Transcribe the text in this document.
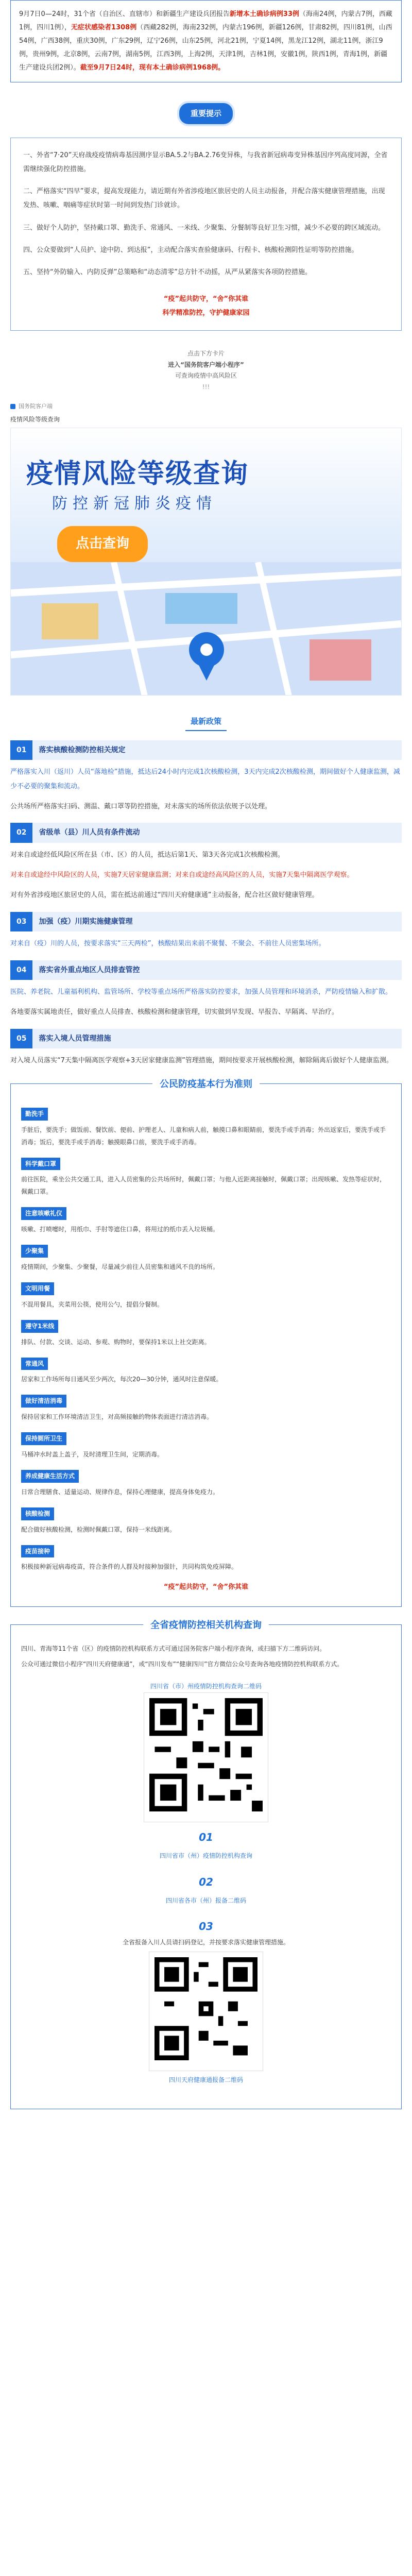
9月7日0—24时，31个省（自治区、直辖市）和新疆生产建设兵团报告新增本土确诊病例33例（海南24例，内蒙古7例，西藏1例，四川1例），无症状感染者1308例（西藏282例，海南232例，内蒙古196例，新疆126例，甘肃82例，四川81例，山西54例，广西38例，重庆30例，广东29例，辽宁26例，山东25例，河北21例，宁夏14例，黑龙江12例，湖北11例，浙江9例，贵州9例，北京8例，云南7例，湖南5例，江西3例，上海2例，天津1例，吉林1例，安徽1例，陕西1例，青海1例，新疆生产建设兵团2例）。截至9月7日24时，现有本土确诊病例1968例。
重要提示

一、外省“7·20”天府战疫疫情病毒基因测序显示BA.5.2与BA.2.76变异株，与我省新冠病毒变异株基因序列高度同源，全省需继续强化防控措施。

二、严格落实“四早”要求，提高发现能力，请近期有外省涉疫地区旅居史的人员主动报备，并配合落实健康管理措施，出现发热、咳嗽、咽痛等症状时第一时间到发热门诊就诊。

三、做好个人防护，坚持戴口罩、勤洗手、常通风、一米线、少聚集、分餐制等良好卫生习惯，减少不必要的跨区域流动。

四、公众要做到“人员护、途中防、到达报”，主动配合落实查验健康码、行程卡、核酸检测阴性证明等防控措施。

五、坚持“外防输入、内防反弹”总策略和“动态清零”总方针不动摇，从严从紧落实各项防控措施。

“疫”起共防守，“舍”你其谁
科学精准防控，守护健康家园
点击下方卡片
进入“国务院客户端小程序”
可查询疫情中高风险区
!!!
国务院客户端
疫情风险等级查询
疫情风险等级查询
防控新冠肺炎疫情
点击查询
最新政策
01	落实核酸检测防控相关规定

严格落实入川（返川）人员“落地检”措施，抵达后24小时内完成1次核酸检测，3天内完成2次核酸检测，期间做好个人健康监测，减少不必要的聚集和流动。

公共场所严格落实扫码、测温、戴口罩等防控措施，对未落实的场所依法依规予以处理。

02	省级单（县）川人员有条件流动

对来自或途经低风险区所在县（市、区）的人员，抵达后第1天、第3天各完成1次核酸检测。

对来自或途经中风险区的人员，实施7天居家健康监测；对来自或途经高风险区的人员，实施7天集中隔离医学观察。

对有外省涉疫地区旅居史的人员，需在抵达前通过“四川天府健康通”主动报备，配合社区做好健康管理。

03	加强（疫）川期实施健康管理

对来自（疫）川的人员，按要求落实“三天两检”，核酸结果出来前不聚餐、不聚会、不前往人员密集场所。

04	落实省外重点地区人员排查管控

医院、养老院、儿童福利机构、监管场所、学校等重点场所严格落实防控要求，加强人员管理和环境消杀，严防疫情输入和扩散。

各地要落实属地责任，做好重点人员排查、核酸检测和健康管理，切实做到早发现、早报告、早隔离、早治疗。

05	落实入境人员管理措施

对入境人员落实“7天集中隔离医学观察+3天居家健康监测”管理措施，期间按要求开展核酸检测，解除隔离后做好个人健康监测。

公民防疫基本行为准则
勤洗手
手脏后，要洗手；做饭前、餐饮前、便前、护理老人、儿童和病人前，触摸口鼻和眼睛前，要洗手或手消毒；外出返家后，要洗手或手消毒；饭后，要洗手或手消毒；触摸眼鼻口前，要洗手或手消毒。
科学戴口罩
前往医院，乘坐公共交通工具，进入人员密集的公共场所时，佩戴口罩；与他人近距离接触时，佩戴口罩；出现咳嗽、发热等症状时，佩戴口罩。
注意咳嗽礼仪
咳嗽、打喷嚏时，用纸巾、手肘等遮住口鼻，将用过的纸巾丢入垃圾桶。
少聚集
疫情期间，少聚集、少聚餐，尽量减少前往人员密集和通风不良的场所。
文明用餐
不混用餐具，夹菜用公筷，使用公勺，提倡分餐制。
遵守1米线
排队、付款、交谈、运动、参观、购物时，要保持1米以上社交距离。
常通风
居家和工作场所每日通风至少两次，每次20—30分钟，通风时注意保暖。
做好清洁消毒
保持居家和工作环境清洁卫生，对高频接触的物体表面进行清洁消毒。
保持厕所卫生
马桶冲水时盖上盖子，及时清理卫生间，定期消毒。
养成健康生活方式
日常合理膳食、适量运动、规律作息，保持心理健康，提高身体免疫力。
核酸检测
配合做好核酸检测，检测时佩戴口罩，保持一米线距离。
疫苗接种
积极接种新冠病毒疫苗，符合条件的人群及时接种加强针，共同构筑免疫屏障。
“疫”起共防守，“舍”你其谁
全省疫情防控相关机构查询

四川、青海等11个省（区）的疫情防控机构联系方式可通过国务院客户端小程序查询，或扫描下方二维码访问。

公众可通过微信小程序“四川天府健康通”，或“四川发布”“健康四川”官方微信公众号查询各地疫情防控机构联系方式。

四川省（市）州疫情防控机构查询二维码
01
四川省市（州）疫情防控机构查询
02
四川省各市（州）报备二维码
03

全省报备入川人员请扫码登记，并按要求落实健康管理措施。

四川天府健康通报备二维码
